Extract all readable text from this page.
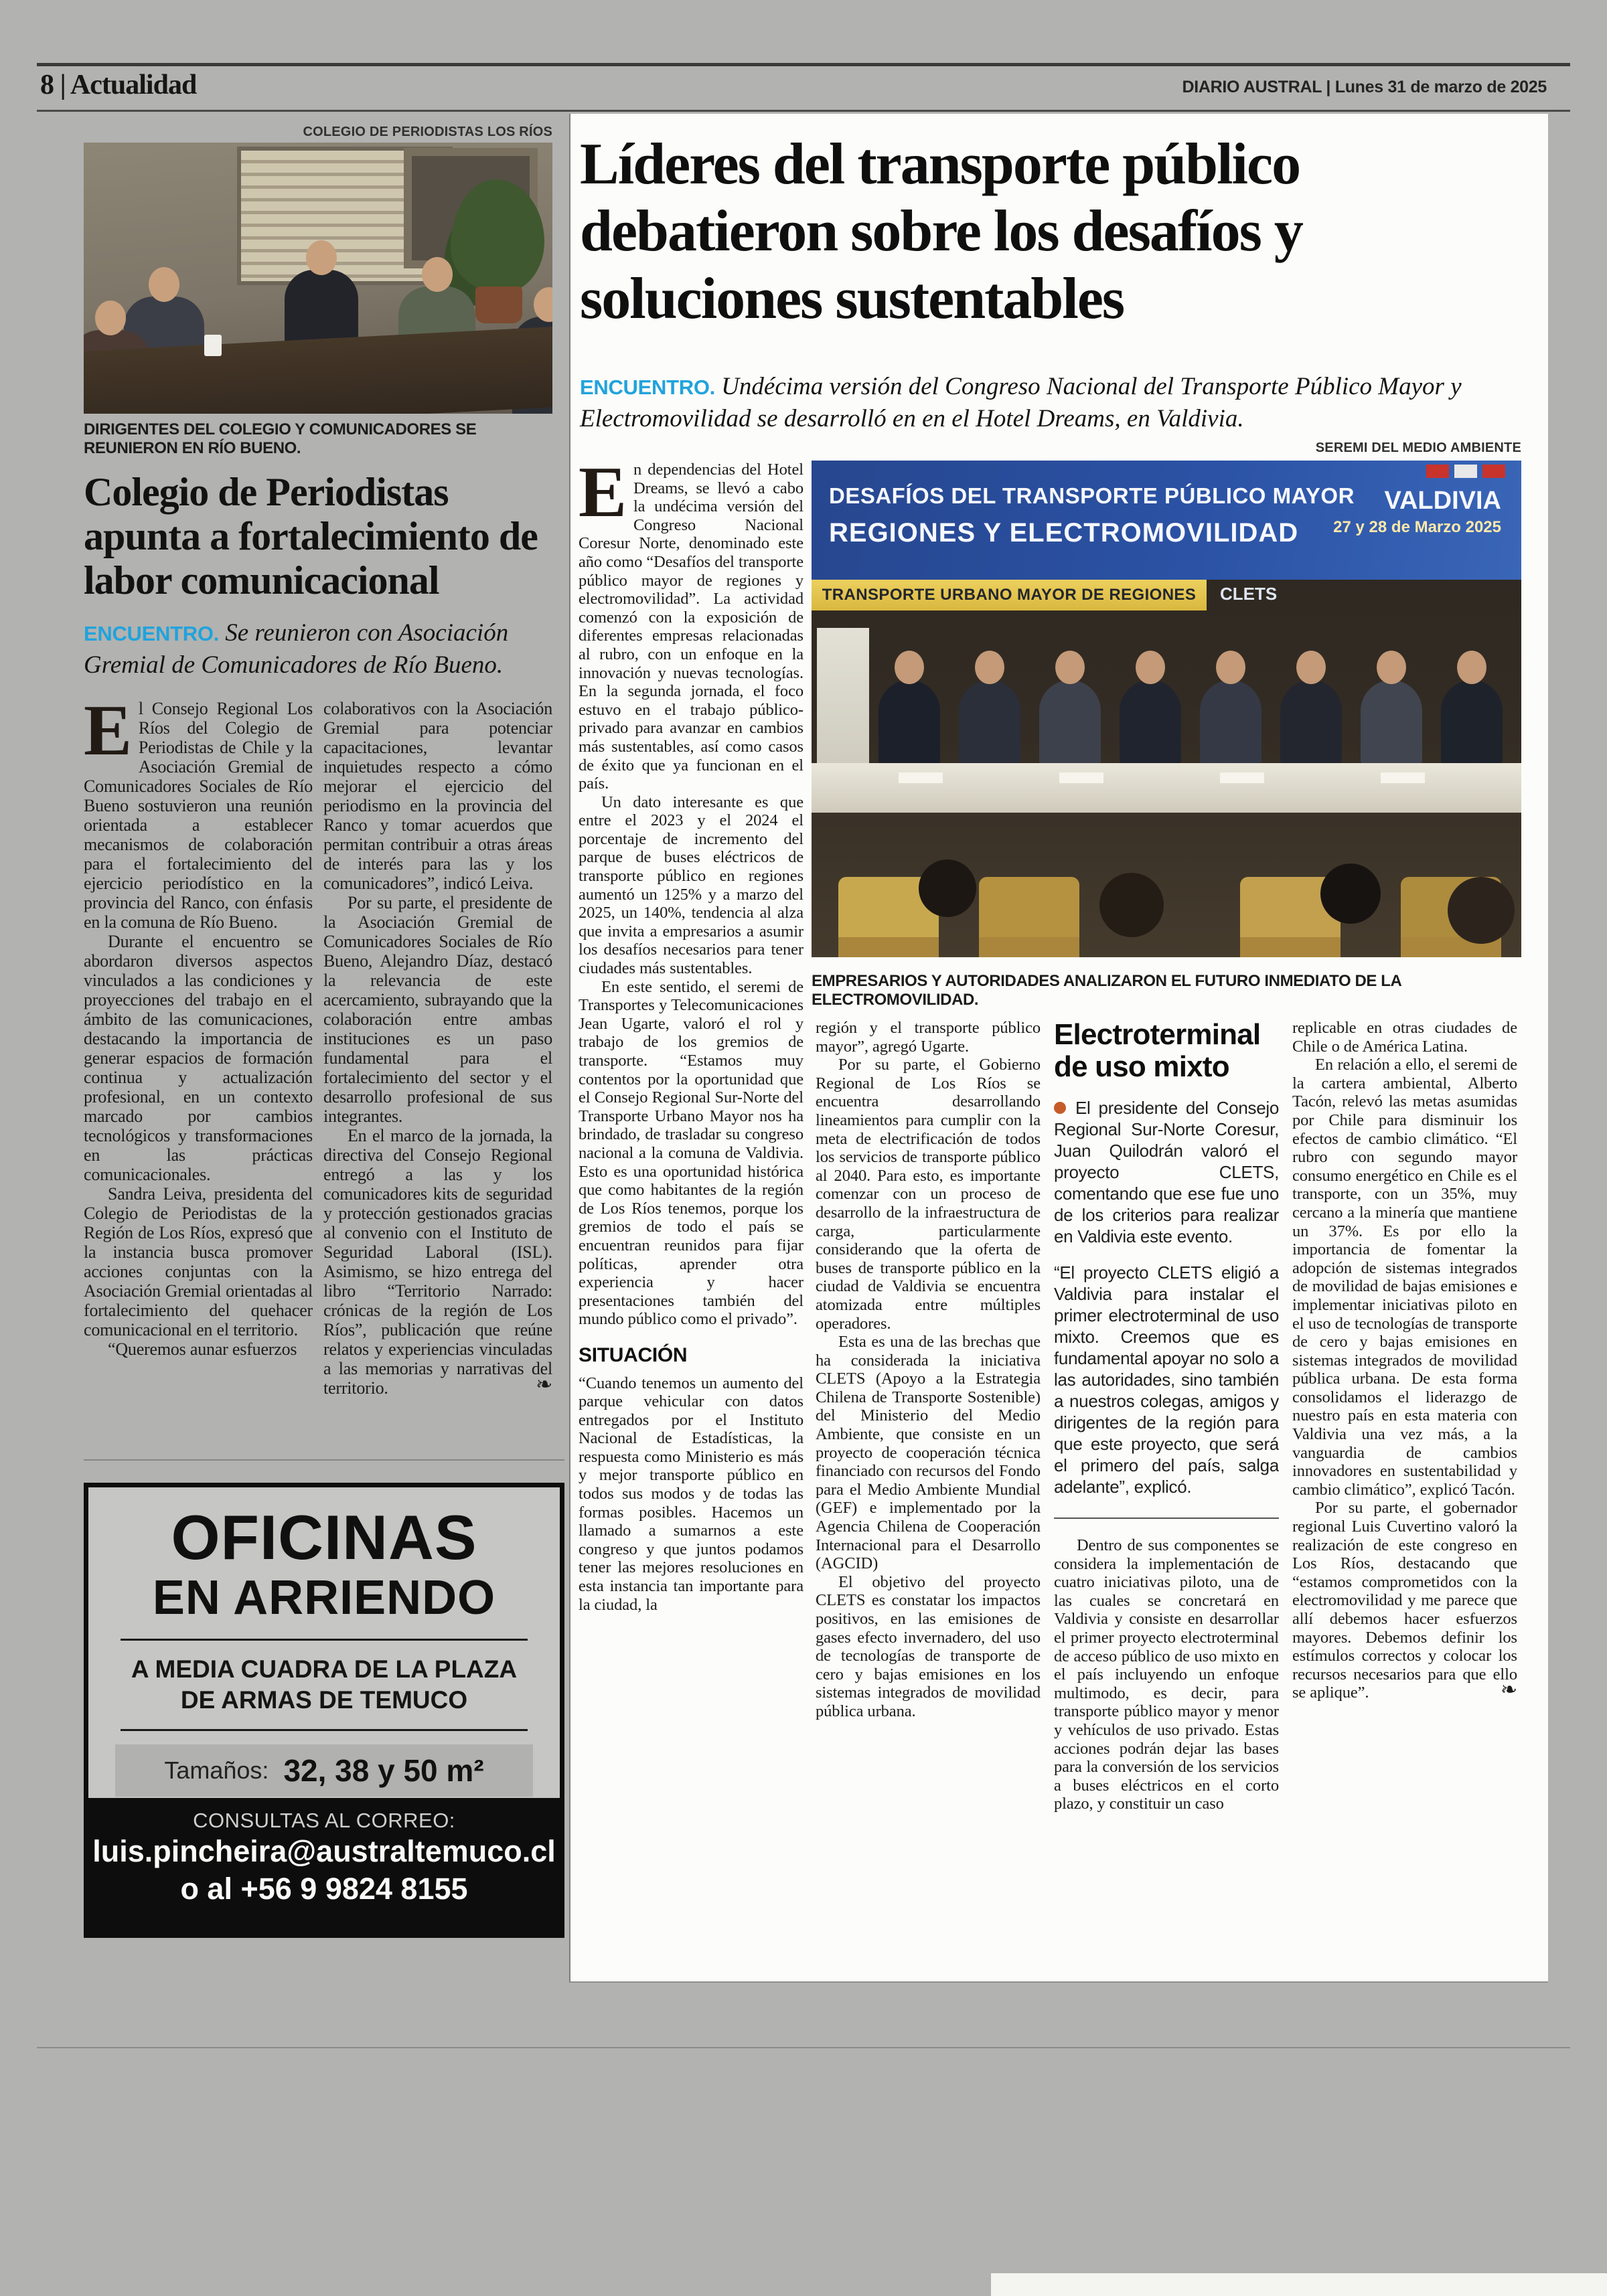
8 | Actualidad	DIARIO AUSTRAL | Lunes 31 de marzo de 2025
COLEGIO DE PERIODISTAS LOS RÍOS
DIRIGENTES DEL COLEGIO Y COMUNICADORES SE REUNIERON EN RÍO BUENO.
Colegio de Periodistas apunta a fortalecimiento de labor comunicacional
ENCUENTRO. Se reunieron con Asociación Gremial de Comunicadores de Río Bueno.

El Consejo Regional Los Ríos del Colegio de Periodistas de Chile y la Asociación Gremial de Comunicadores Sociales de Río Bueno sostuvieron una reunión orientada a establecer mecanismos de colaboración para el fortalecimiento del ejercicio periodístico en la provincia del Ranco, con énfasis en la comuna de Río Bueno.

Durante el encuentro se abordaron diversos aspectos vinculados a las condiciones y proyecciones del trabajo en el ámbito de las comunicaciones, destacando la importancia de generar espacios de formación continua y actualización profesional, en un contexto marcado por cambios tecnológicos y transformaciones en las prácticas comunicacionales.

Sandra Leiva, presidenta del Colegio de Periodistas de la Región de Los Ríos, expresó que la instancia busca promover acciones conjuntas con la Asociación Gremial orientadas al fortalecimiento del quehacer comunicacional en el territorio.

“Queremos aunar esfuerzos

colaborativos con la Asociación Gremial para potenciar capacitaciones, levantar inquietudes respecto a cómo mejorar el ejercicio del periodismo en la provincia del Ranco y tomar acuerdos que permitan contribuir a otras áreas de interés para las y los comunicadores”, indicó Leiva.

Por su parte, el presidente de la Asociación Gremial de Comunicadores Sociales de Río Bueno, Alejandro Díaz, destacó la relevancia de este acercamiento, subrayando que la colaboración entre ambas instituciones es un paso fundamental para el fortalecimiento del sector y el desarrollo profesional de sus integrantes.

En el marco de la jornada, la directiva del Consejo Regional entregó a las y los comunicadores kits de seguridad y protección gestionados gracias al convenio con el Instituto de Seguridad Laboral (ISL). Asimismo, se hizo entrega del libro “Territorio Narrado: crónicas de la región de Los Ríos”, publicación que reúne relatos y experiencias vinculadas a las memorias y narrativas del territorio.	❧

OFICINAS
EN ARRIENDO
A MEDIA CUADRA DE LA PLAZA
DE ARMAS DE TEMUCO
Tamaños: 32, 38 y 50 m²
CONSULTAS AL CORREO:
luis.pincheira@australtemuco.cl
o al +56 9 9824 8155
Líderes del transporte público debatieron sobre los desafíos y soluciones sustentables
ENCUENTRO. Undécima versión del Congreso Nacional del Transporte Público Mayor y Electromovilidad se desarrolló en en el Hotel Dreams, en Valdivia.
SEREMI DEL MEDIO AMBIENTE
DESAFÍOS DEL TRANSPORTE PÚBLICO MAYOR
REGIONES Y ELECTROMOVILIDAD
VALDIVIA
27 y 28 de Marzo 2025
TRANSPORTE URBANO MAYOR DE REGIONES	CLETS
EMPRESARIOS Y AUTORIDADES ANALIZARON EL FUTURO INMEDIATO DE LA ELECTROMOVILIDAD.

En dependencias del Hotel Dreams, se llevó a cabo la undécima versión del Congreso Nacional Coresur Norte, denominado este año como “Desafíos del transporte público mayor de regiones y electromovilidad”. La actividad comenzó con la exposición de diferentes empresas relacionadas al rubro, con un enfoque en la innovación y nuevas tecnologías. En la segunda jornada, el foco estuvo en el trabajo público-privado para avanzar en cambios más sustentables, así como casos de éxito que ya funcionan en el país.

Un dato interesante es que entre el 2023 y el 2024 el porcentaje de incremento del parque de buses eléctricos de transporte público en regiones aumentó un 125% y a marzo del 2025, un 140%, tendencia al alza que invita a empresarios a asumir los desafíos necesarios para tener ciudades más sustentables.

En este sentido, el seremi de Transportes y Telecomunicaciones Jean Ugarte, valoró el rol y trabajo de los gremios de transporte. “Estamos muy contentos por la oportunidad que el Consejo Regional Sur-Norte del Transporte Urbano Mayor nos ha brindado, de trasladar su congreso nacional a la comuna de Valdivia. Esto es una oportunidad histórica que como habitantes de la región de Los Ríos tenemos, porque los gremios de todo el país se encuentran reunidos para fijar políticas, aprender otra experiencia y hacer presentaciones también del mundo público como el privado”.

SITUACIÓN

“Cuando tenemos un aumento del parque vehicular con datos entregados por el Instituto Nacional de Estadísticas, la respuesta como Ministerio es más y mejor transporte público en todos sus modos y de todas las formas posibles. Hacemos un llamado a sumarnos a este congreso y que juntos podamos tener las mejores resoluciones en esta instancia tan importante para la ciudad, la

región y el transporte público mayor”, agregó Ugarte.

Por su parte, el Gobierno Regional de Los Ríos se encuentra desarrollando lineamientos para cumplir con la meta de electrificación de todos los servicios de transporte público al 2040. Para esto, es importante comenzar con un proceso de desarrollo de la infraestructura de carga, particularmente considerando que la oferta de buses de transporte público en la ciudad de Valdivia se encuentra atomizada entre múltiples operadores.

Esta es una de las brechas que ha considerada la iniciativa CLETS (Apoyo a la Estrategia Chilena de Transporte Sostenible) del Ministerio del Medio Ambiente, que consiste en un proyecto de cooperación técnica financiado con recursos del Fondo para el Medio Ambiente Mundial (GEF) e implementado por la Agencia Chilena de Cooperación Internacional para el Desarrollo (AGCID)

El objetivo del proyecto CLETS es constatar los impactos positivos, en las emisiones de gases efecto invernadero, del uso de tecnologías de transporte de cero y bajas emisiones en los sistemas integrados de movilidad pública urbana.

Electroterminal de uso mixto

El presidente del Consejo Regional Sur-Norte Coresur, Juan Quilodrán valoró el proyecto CLETS, comentando que ese fue uno de los criterios para realizar en Valdivia este evento.

“El proyecto CLETS eligió a Valdivia para instalar el primer electroterminal de uso mixto. Creemos que es fundamental apoyar no solo a las autoridades, sino también a nuestros colegas, amigos y dirigentes de la región para que este proyecto, que será el primero del país, salga adelante”, explicó.

Dentro de sus componentes se considera la implementación de cuatro iniciativas piloto, una de las cuales se concretará en Valdivia y consiste en desarrollar el primer proyecto electroterminal de acceso público de uso mixto en el país incluyendo un enfoque multimodo, es decir, para transporte público mayor y menor y vehículos de uso privado. Estas acciones podrán dejar las bases para la conversión de los servicios a buses eléctricos en el corto plazo, y constituir un caso

replicable en otras ciudades de Chile o de América Latina.

En relación a ello, el seremi de la cartera ambiental, Alberto Tacón, relevó las metas asumidas por Chile para disminuir los efectos de cambio climático. “El rubro con segundo mayor consumo energético en Chile es el transporte, con un 35%, muy cercano a la minería que mantiene un 37%. Es por ello la importancia de fomentar la adopción de sistemas integrados de movilidad de bajas emisiones e implementar iniciativas piloto en el uso de tecnologías de transporte de cero y bajas emisiones en sistemas integrados de movilidad pública urbana. De esta forma consolidamos el liderazgo de nuestro país en esta materia con Valdivia una vez más, a la vanguardia de cambios innovadores en sustentabilidad y cambio climático”, explicó Tacón.

Por su parte, el gobernador regional Luis Cuvertino valoró la realización de este congreso en Los Ríos, destacando que “estamos comprometidos con la electromovilidad y me parece que allí debemos hacer esfuerzos mayores. Debemos definir los estímulos correctos y colocar los recursos necesarios para que ello se aplique”.	❧
